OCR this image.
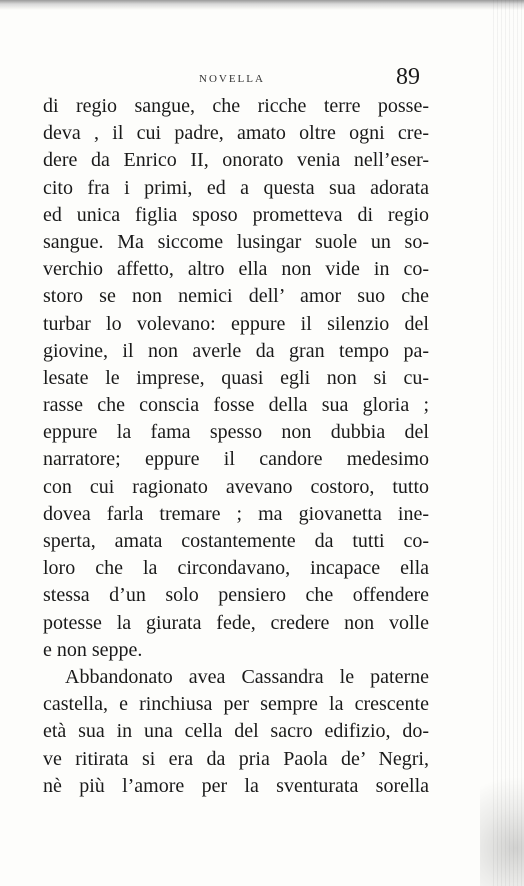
NOVELLA	89
di regio sangue, che ricche terre posse-
deva , il cui padre, amato oltre ogni cre-
dere da Enrico II, onorato venia nell’eser-
cito fra i primi, ed a questa sua adorata
ed unica figlia sposo prometteva di regio
sangue. Ma siccome lusingar suole un so-
verchio affetto, altro ella non vide in co-
storo se non nemici dell’ amor suo che
turbar lo volevano: eppure il silenzio del
giovine, il non averle da gran tempo pa-
lesate le imprese, quasi egli non si cu-
rasse che conscia fosse della sua gloria ;
eppure la fama spesso non dubbia del
narratore; eppure il candore medesimo
con cui ragionato avevano costoro, tutto
dovea farla tremare ; ma giovanetta ine-
sperta, amata costantemente da tutti co-
loro che la circondavano, incapace ella
stessa d’un solo pensiero che offendere
potesse la giurata fede, credere non volle
e non seppe.
Abbandonato avea Cassandra le paterne
castella, e rinchiusa per sempre la crescente
età sua in una cella del sacro edifizio, do-
ve ritirata si era da pria Paola de’ Negri,
nè più l’amore per la sventurata sorella
